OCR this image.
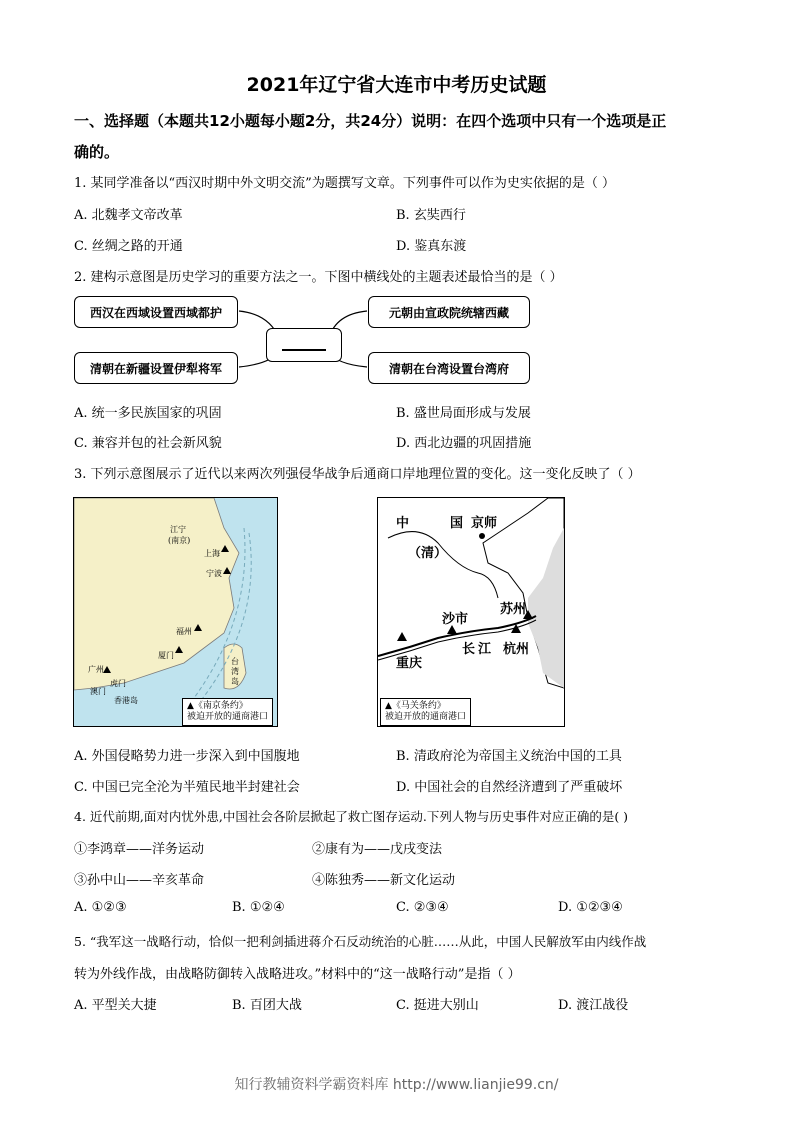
2021年辽宁省大连市中考历史试题
一、选择题（本题共12小题每小题2分，共24分）说明：在四个选项中只有一个选项是正
确的。
1. 某同学准备以“西汉时期中外文明交流”为题撰写文章。下列事件可以作为史实依据的是（ ）
A. 北魏孝文帝改革	B. 玄奘西行
C. 丝绸之路的开通	D. 鉴真东渡
2. 建构示意图是历史学习的重要方法之一。下图中横线处的主题表述最恰当的是（ ）
西汉在西域设置西域都护	元朝由宣政院统辖西藏
清朝在新疆设置伊犁将军	清朝在台湾设置台湾府
A. 统一多民族国家的巩固	B. 盛世局面形成与发展
C. 兼容并包的社会新风貌	D. 西北边疆的巩固措施
3. 下列示意图展示了近代以来两次列强侵华战争后通商口岸地理位置的变化。这一变化反映了（ ）
江宁
(南京)
上海
宁波
福州
厦门
广州
虎门
澳门
香港岛
台
湾
岛
▲《南京条约》
被迫开放的通商港口
中	国 京师
（清）
苏州
沙市
长 江 杭州
重庆
▲《马关条约》
被迫开放的通商港口
A. 外国侵略势力进一步深入到中国腹地	B. 清政府沦为帝国主义统治中国的工具
C. 中国已完全沦为半殖民地半封建社会	D. 中国社会的自然经济遭到了严重破坏
4. 近代前期,面对内忧外患,中国社会各阶层掀起了救亡图存运动.下列人物与历史事件对应正确的是( )
①李鸿章——洋务运动	②康有为——戊戌变法
③孙中山——辛亥革命	④陈独秀——新文化运动
A. ①②③	B. ①②④	C. ②③④	D. ①②③④
5. “我军这一战略行动，恰似一把利剑插进蒋介石反动统治的心脏……从此，中国人民解放军由内线作战
转为外线作战，由战略防御转入战略进攻。”材料中的“这一战略行动”是指（ ）
A. 平型关大捷	B. 百团大战	C. 挺进大别山	D. 渡江战役
知行教辅资料学霸资料库 http://www.lianjie99.cn/
